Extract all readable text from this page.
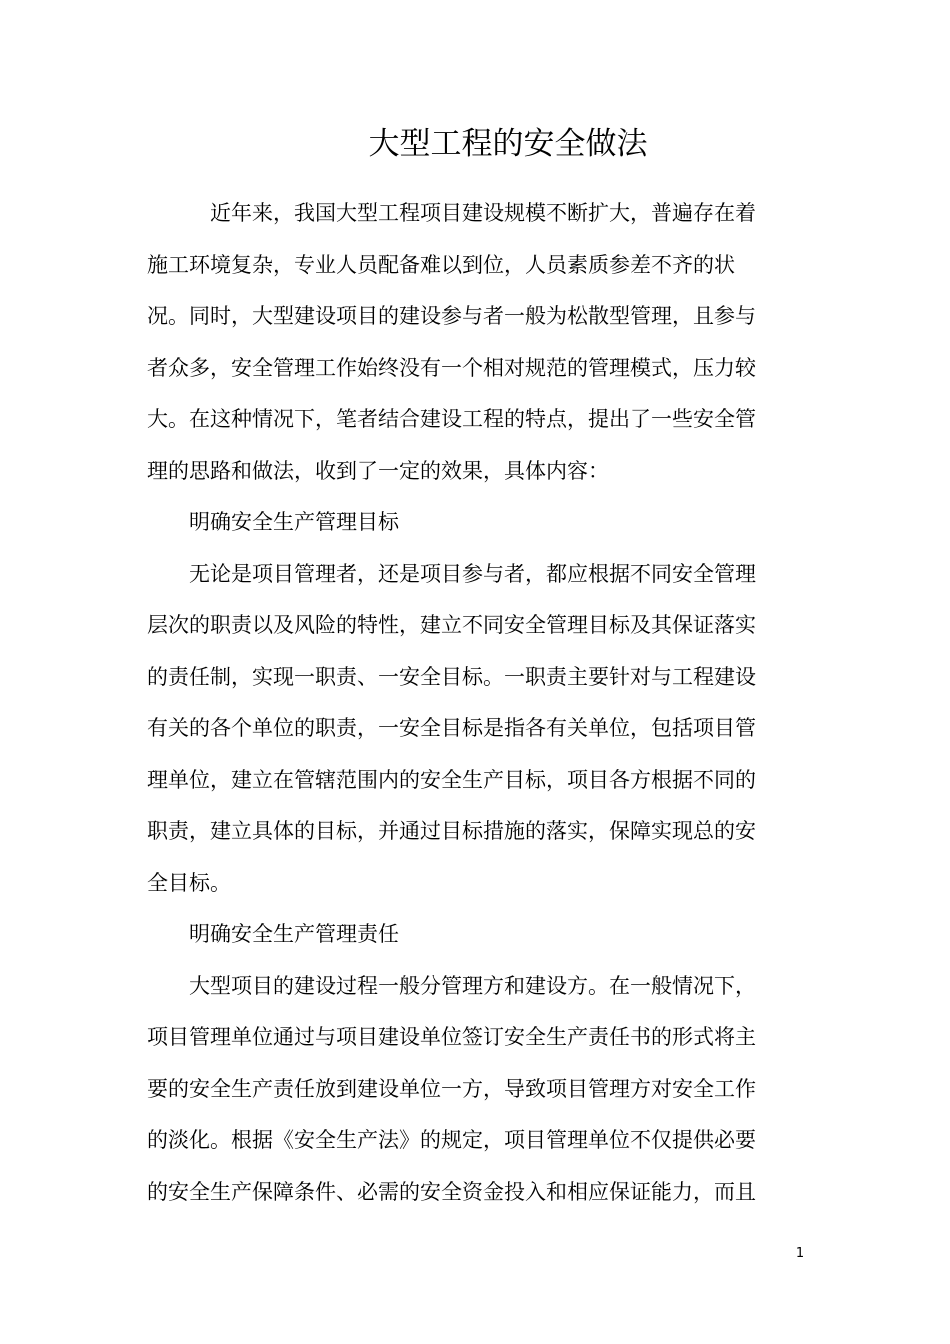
大型工程的安全做法
近年来，我国大型工程项目建设规模不断扩大，普遍存在着
施工环境复杂，专业人员配备难以到位，人员素质参差不齐的状
况。同时，大型建设项目的建设参与者一般为松散型管理，且参与
者众多，安全管理工作始终没有一个相对规范的管理模式，压力较
大。在这种情况下，笔者结合建设工程的特点，提出了一些安全管
理的思路和做法，收到了一定的效果，具体内容：
明确安全生产管理目标
无论是项目管理者，还是项目参与者，都应根据不同安全管理
层次的职责以及风险的特性，建立不同安全管理目标及其保证落实
的责任制，实现一职责、一安全目标。一职责主要针对与工程建设
有关的各个单位的职责，一安全目标是指各有关单位，包括项目管
理单位，建立在管辖范围内的安全生产目标，项目各方根据不同的
职责，建立具体的目标，并通过目标措施的落实，保障实现总的安
全目标。
明确安全生产管理责任
大型项目的建设过程一般分管理方和建设方。在一般情况下，
项目管理单位通过与项目建设单位签订安全生产责任书的形式将主
要的安全生产责任放到建设单位一方，导致项目管理方对安全工作
的淡化。根据《安全生产法》的规定，项目管理单位不仅提供必要
的安全生产保障条件、必需的安全资金投入和相应保证能力，而且
1
